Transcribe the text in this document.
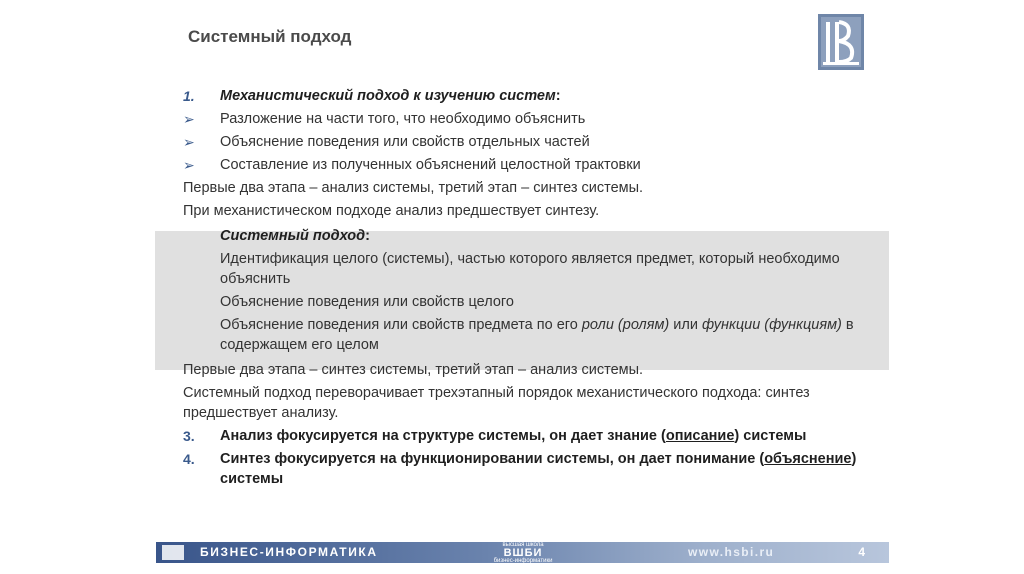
Системный подход
1.	Механистический подход к изучению систем:
➢	Разложение на части того, что необходимо объяснить
➢	Объяснение поведения или свойств отдельных частей
➢	Составление из полученных объяснений целостной трактовки
Первые два этапа – анализ системы, третий этап – синтез системы.
При механистическом подходе анализ предшествует синтезу.
Системный подход:
Идентификация целого (системы), частью которого является предмет, который необходимо объяснить
Объяснение поведения или свойств целого
Объяснение поведения или свойств предмета по его роли (ролям) или функции (функциям) в содержащем его целом
Первые два этапа – синтез системы, третий этап – анализ системы.
Системный подход переворачивает трехэтапный порядок механистического подхода: синтез предшествует анализу.
3.	Анализ фокусируется на структуре системы, он дает знание (описание) системы
4.	Синтез фокусируется на функционировании системы, он дает понимание (объяснение) системы
БИЗНЕС-ИНФОРМАТИКА	высшая школа
ВШБИ
бизнес-информатики
www.hsbi.ru	4
